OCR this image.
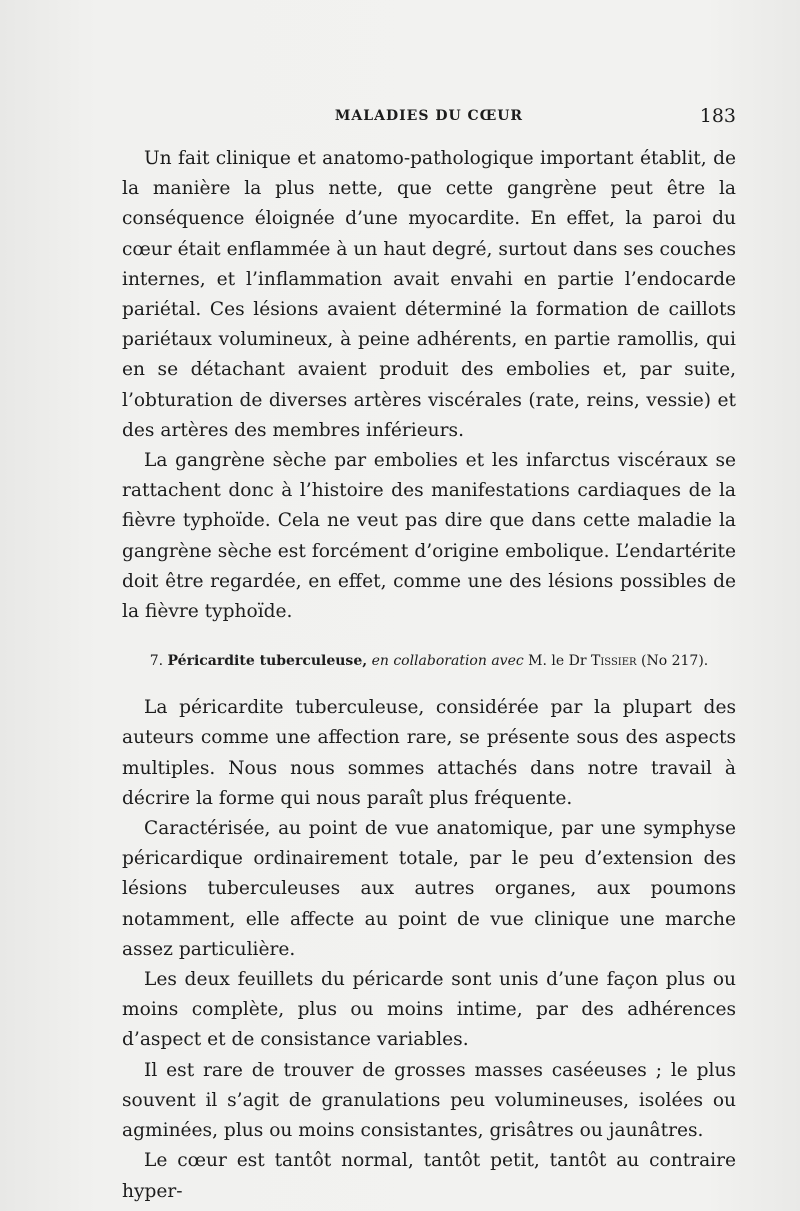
MALADIES DU CŒUR	183

Un fait clinique et anatomo-pathologique important établit, de la manière la plus nette, que cette gangrène peut être la conséquence éloignée d’une myocardite. En effet, la paroi du cœur était enflammée à un haut degré, surtout dans ses couches internes, et l’inflammation avait envahi en partie l’endocarde pariétal. Ces lésions avaient déterminé la formation de caillots pariétaux volumineux, à peine adhérents, en partie ramollis, qui en se détachant avaient produit des embolies et, par suite, l’obturation de diverses artères viscérales (rate, reins, vessie) et des artères des membres inférieurs.

La gangrène sèche par embolies et les infarctus viscéraux se rattachent donc à l’histoire des manifestations cardiaques de la fièvre typhoïde. Cela ne veut pas dire que dans cette maladie la gangrène sèche est forcément d’origine embolique. L’endartérite doit être regardée, en effet, comme une des lésions possibles de la fièvre typhoïde.

7. Péricardite tuberculeuse, en collaboration avec M. le Dr Tissier (No 217).

La péricardite tuberculeuse, considérée par la plupart des auteurs comme une affection rare, se présente sous des aspects multiples. Nous nous sommes attachés dans notre travail à décrire la forme qui nous paraît plus fréquente.

Caractérisée, au point de vue anatomique, par une symphyse péricardique ordinairement totale, par le peu d’extension des lésions tuberculeuses aux autres organes, aux poumons notamment, elle affecte au point de vue clinique une marche assez particulière.

Les deux feuillets du péricarde sont unis d’une façon plus ou moins complète, plus ou moins intime, par des adhérences d’aspect et de consistance variables.

Il est rare de trouver de grosses masses caséeuses ; le plus souvent il s’agit de granulations peu volumineuses, isolées ou agminées, plus ou moins consistantes, grisâtres ou jaunâtres.

Le cœur est tantôt normal, tantôt petit, tantôt au contraire hyper-
